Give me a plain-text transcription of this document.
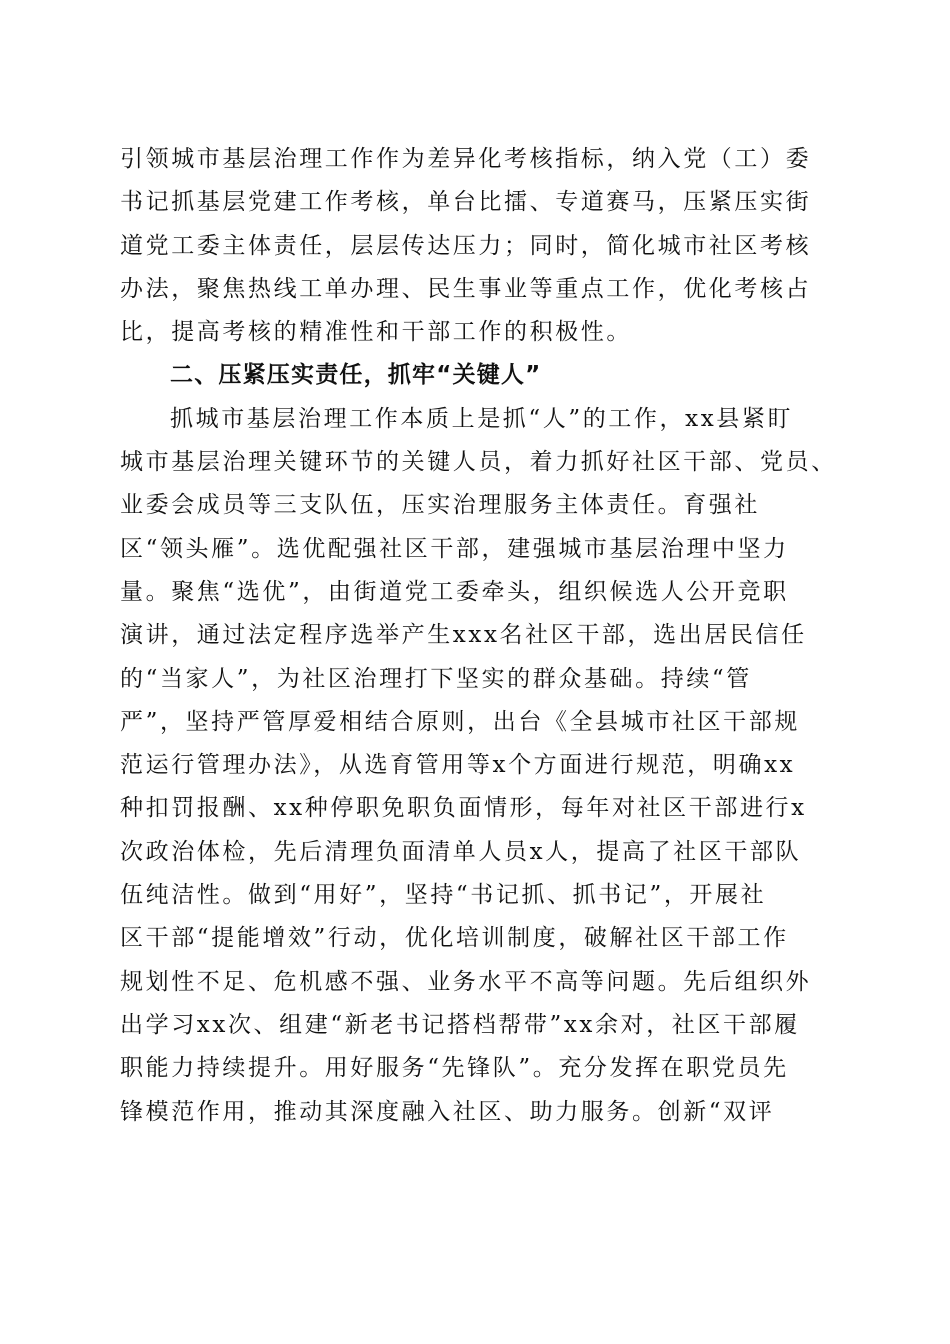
引领城市基层治理工作作为差异化考核指标，纳入党（工）委
书记抓基层党建工作考核，单台比擂、专道赛马，压紧压实街
道党工委主体责任，层层传达压力；同时，简化城市社区考核
办法，聚焦热线工单办理、民生事业等重点工作，优化考核占
比，提高考核的精准性和干部工作的积极性。
二、压紧压实责任，抓牢“关键人”
抓城市基层治理工作本质上是抓“人”的工作，xx县紧盯
城市基层治理关键环节的关键人员，着力抓好社区干部、党员、
业委会成员等三支队伍，压实治理服务主体责任。育强社
区“领头雁”。选优配强社区干部，建强城市基层治理中坚力
量。聚焦“选优”，由街道党工委牵头，组织候选人公开竞职
演讲，通过法定程序选举产生xxx名社区干部，选出居民信任
的“当家人”，为社区治理打下坚实的群众基础。持续“管
严”，坚持严管厚爱相结合原则，出台《全县城市社区干部规
范运行管理办法》，从选育管用等x个方面进行规范，明确xx
种扣罚报酬、xx种停职免职负面情形，每年对社区干部进行x
次政治体检，先后清理负面清单人员x人，提高了社区干部队
伍纯洁性。做到“用好”，坚持“书记抓、抓书记”，开展社
区干部“提能增效”行动，优化培训制度，破解社区干部工作
规划性不足、危机感不强、业务水平不高等问题。先后组织外
出学习xx次、组建“新老书记搭档帮带”xx余对，社区干部履
职能力持续提升。用好服务“先锋队”。充分发挥在职党员先
锋模范作用，推动其深度融入社区、助力服务。创新“双评
